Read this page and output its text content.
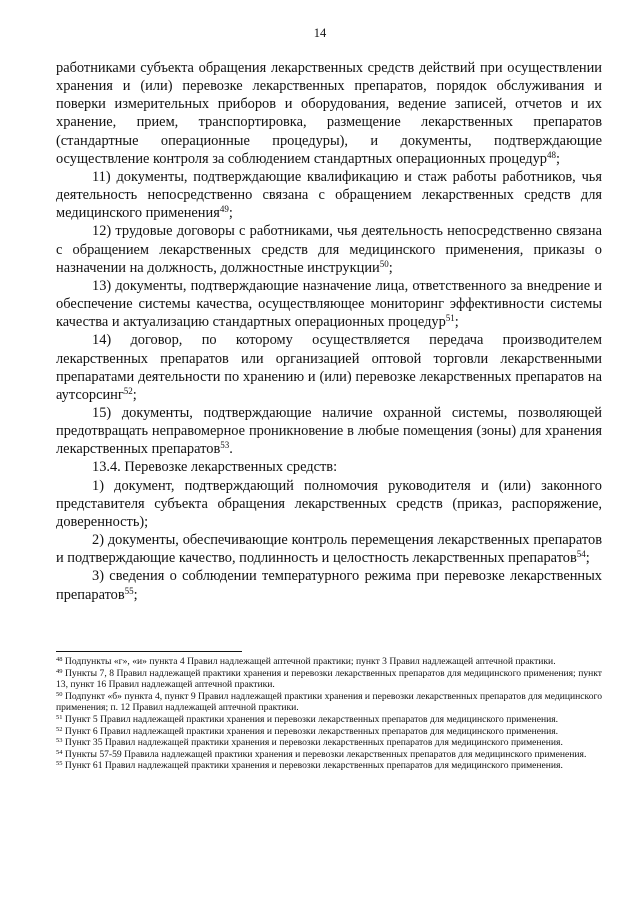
14

работниками субъекта обращения лекарственных средств действий при осуществлении хранения и (или) перевозке лекарственных препаратов, порядок обслуживания и поверки измерительных приборов и оборудования, ведение записей, отчетов и их хранение, прием, транспортировка, размещение лекарственных препаратов (стандартные операционные процедуры), и документы, подтверждающие осуществление контроля за соблюдением стандартных операционных процедур$^{48}$;

11) документы, подтверждающие квалификацию и стаж работы работников, чья деятельность непосредственно связана с обращением лекарственных средств для медицинского применения$^{49}$;

12) трудовые договоры с работниками, чья деятельность непосредственно связана с обращением лекарственных средств для медицинского применения, приказы о назначении на должность, должностные инструкции$^{50}$;

13) документы, подтверждающие назначение лица, ответственного за внедрение и обеспечение системы качества, осуществляющее мониторинг эффективности системы качества и актуализацию стандартных операционных процедур$^{51}$;

14) договор, по которому осуществляется передача производителем лекарственных препаратов или организацией оптовой торговли лекарственными препаратами деятельности по хранению и (или) перевозке лекарственных препаратов на аутсорсинг$^{52}$;

15) документы, подтверждающие наличие охранной системы, позволяющей предотвращать неправомерное проникновение в любые помещения (зоны) для хранения лекарственных препаратов$^{53}$.

13.4. Перевозке лекарственных средств:

1) документ, подтверждающий полномочия руководителя и (или) законного представителя субъекта обращения лекарственных средств (приказ, распоряжение, доверенность);

2) документы, обеспечивающие контроль перемещения лекарственных препаратов и подтверждающие качество, подлинность и целостность лекарственных препаратов$^{54}$;

3) сведения о соблюдении температурного режима при перевозке лекарственных препаратов$^{55}$;

$^{48}$ Подпункты «г», «и» пункта 4 Правил надлежащей аптечной практики; пункт 3 Правил надлежащей аптечной практики.

$^{49}$ Пункты 7, 8 Правил надлежащей практики хранения и перевозки лекарственных препаратов для медицинского применения; пункт 13, пункт 16 Правил надлежащей аптечной практики.

$^{50}$ Подпункт «б» пункта 4, пункт 9 Правил надлежащей практики хранения и перевозки лекарственных препаратов для медицинского применения; п. 12 Правил надлежащей аптечной практики.

$^{51}$ Пункт 5 Правил надлежащей практики хранения и перевозки лекарственных препаратов для медицинского применения.

$^{52}$ Пункт 6 Правил надлежащей практики хранения и перевозки лекарственных препаратов для медицинского применения.

$^{53}$ Пункт 35 Правил надлежащей практики хранения и перевозки лекарственных препаратов для медицинского применения.

$^{54}$ Пункты 57-59 Правила надлежащей практики хранения и перевозки лекарственных препаратов для медицинского применения.

$^{55}$ Пункт 61 Правил надлежащей практики хранения и перевозки лекарственных препаратов для медицинского применения.
